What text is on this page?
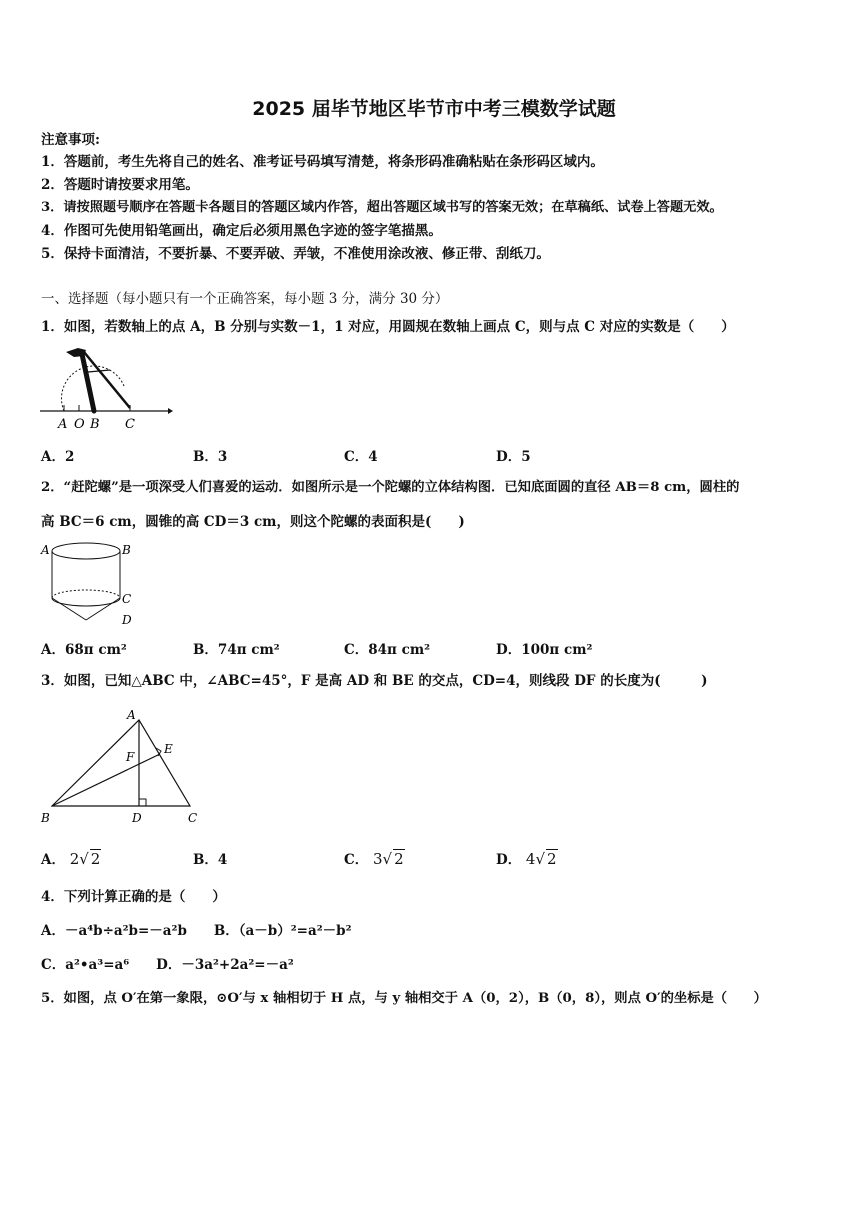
2025 届毕节地区毕节市中考三模数学试题
注意事项:
1．答题前，考生先将自己的姓名、准考证号码填写清楚，将条形码准确粘贴在条形码区域内。
2．答题时请按要求用笔。
3．请按照题号顺序在答题卡各题目的答题区域内作答，超出答题区域书写的答案无效；在草稿纸、试卷上答题无效。
4．作图可先使用铅笔画出，确定后必须用黑色字迹的签字笔描黑。
5．保持卡面清洁，不要折暴、不要弄破、弄皱，不准使用涂改液、修正带、刮纸刀。
一、选择题（每小题只有一个正确答案，每小题 3 分，满分 30 分）
1．如图，若数轴上的点 A，B 分别与实数－1，1 对应，用圆规在数轴上画点 C，则与点 C 对应的实数是（　　）
A O B C
A．2	B．3	C．4	D．5
2．“赶陀螺”是一项深受人们喜爱的运动．如图所示是一个陀螺的立体结构图．已知底面圆的直径 AB＝8 cm，圆柱的
高 BC＝6 cm，圆锥的高 CD＝3 cm，则这个陀螺的表面积是(　　)
A	B
C
D
A．68π cm²	B．74π cm²	C．84π cm²	D．100π cm²
3．如图，已知△ABC 中，∠ABC=45°，F 是高 AD 和 BE 的交点，CD=4，则线段 DF 的长度为(　　　)
A
B	C
D
E
F
A． 2√ 2	B．4	C． 3√ 2	D． 4√ 2
4．下列计算正确的是（　　）
A．－a⁴b÷a²b=－a²b　　B．（a－b）²=a²－b²
C．a²•a³=a⁶　　D．－3a²+2a²=－a²
5．如图，点 O′在第一象限，⊙O′与 x 轴相切于 H 点，与 y 轴相交于 A（0，2），B（0，8），则点 O′的坐标是（　　）
